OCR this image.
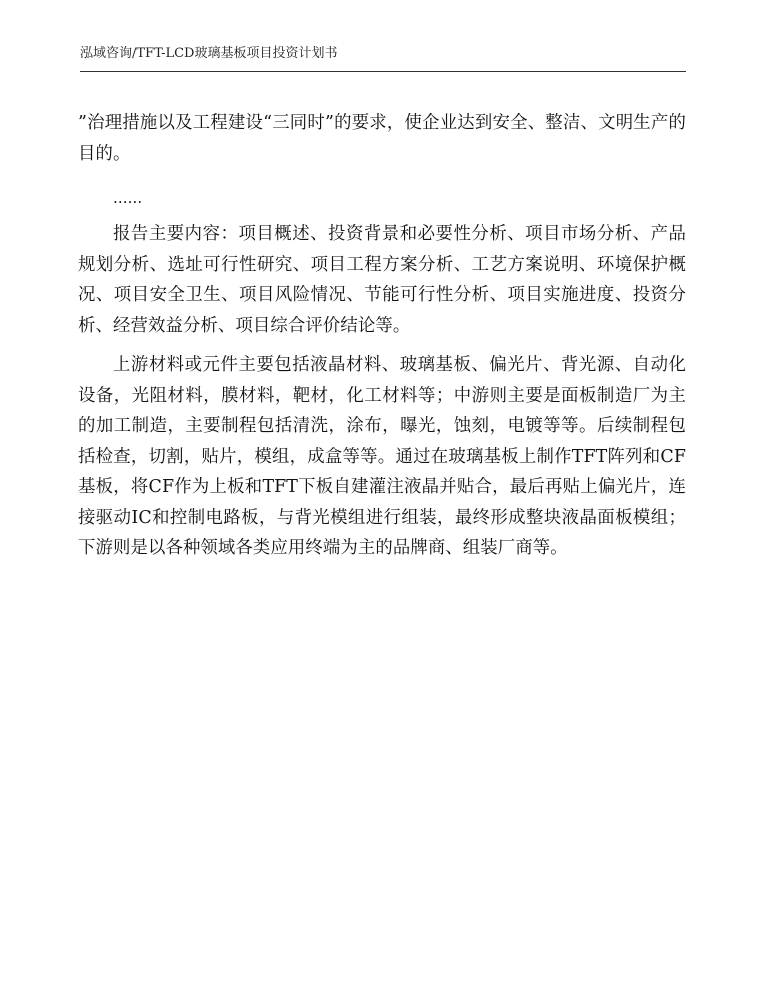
泓域咨询/TFT-LCD玻璃基板项目投资计划书

”治理措施以及工程建设“三同时”的要求，使企业达到安全、整洁、文明生产的目的。

......

报告主要内容：项目概述、投资背景和必要性分析、项目市场分析、产品规划分析、选址可行性研究、项目工程方案分析、工艺方案说明、环境保护概况、项目安全卫生、项目风险情况、节能可行性分析、项目实施进度、投资分析、经营效益分析、项目综合评价结论等。

上游材料或元件主要包括液晶材料、玻璃基板、偏光片、背光源、自动化设备，光阻材料，膜材料，靶材，化工材料等；中游则主要是面板制造厂为主的加工制造，主要制程包括清洗，涂布，曝光，蚀刻，电镀等等。后续制程包括检查，切割，贴片，模组，成盒等等。通过在玻璃基板上制作TFT阵列和CF基板，将CF作为上板和TFT下板自建灌注液晶并贴合，最后再贴上偏光片，连接驱动IC和控制电路板，与背光模组进行组装，最终形成整块液晶面板模组；下游则是以各种领域各类应用终端为主的品牌商、组装厂商等。
